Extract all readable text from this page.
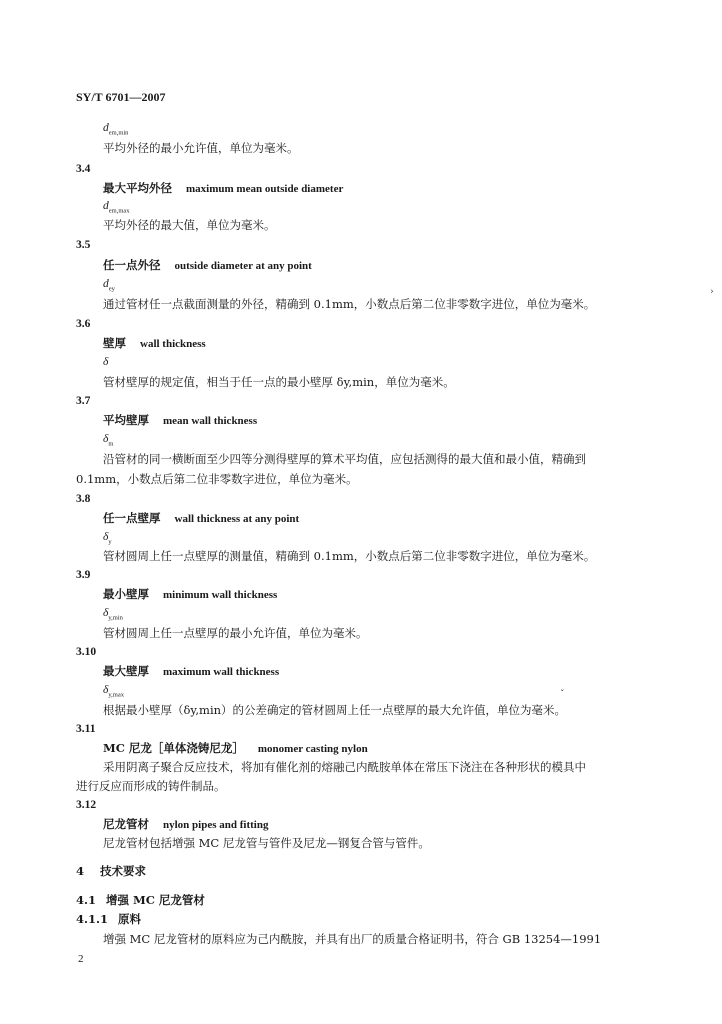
SY/T 6701—2007
$d_{em,min}$
平均外径的最小允许值，单位为毫米。
3.4
最大平均外径 maximum mean outside diameter
$d_{em,max}$
平均外径的最大值，单位为毫米。
3.5
任一点外径 outside diameter at any point
$d_{ey}$
通过管材任一点截面测量的外径，精确到 0.1mm，小数点后第二位非零数字进位，单位为毫米。
3.6
壁厚 wall thickness
δ
管材壁厚的规定值，相当于任一点的最小壁厚 δy,min，单位为毫米。
3.7
平均壁厚 mean wall thickness
$\delta_m$
沿管材的同一横断面至少四等分测得壁厚的算术平均值，应包括测得的最大值和最小值，精确到
0.1mm，小数点后第二位非零数字进位，单位为毫米。
3.8
任一点壁厚 wall thickness at any point
$\delta_y$
管材圆周上任一点壁厚的测量值，精确到 0.1mm，小数点后第二位非零数字进位，单位为毫米。
3.9
最小壁厚 minimum wall thickness
$\delta_{y,min}$
管材圆周上任一点壁厚的最小允许值，单位为毫米。
3.10
最大壁厚 maximum wall thickness
$\delta_{y,max}$
根据最小壁厚（δy,min）的公差确定的管材圆周上任一点壁厚的最大允许值，单位为毫米。
3.11
MC 尼龙［单体浇铸尼龙］ monomer casting nylon
采用阴离子聚合反应技术，将加有催化剂的熔融己内酰胺单体在常压下浇注在各种形状的模具中
进行反应而形成的铸件制品。
3.12
尼龙管材 nylon pipes and fitting
尼龙管材包括增强 MC 尼龙管与管件及尼龙—钢复合管与管件。
4 技术要求
4.1 增强 MC 尼龙管材
4.1.1 原料
增强 MC 尼龙管材的原料应为己内酰胺，并具有出厂的质量合格证明书，符合 GB 13254—1991
2
›
ˇ
